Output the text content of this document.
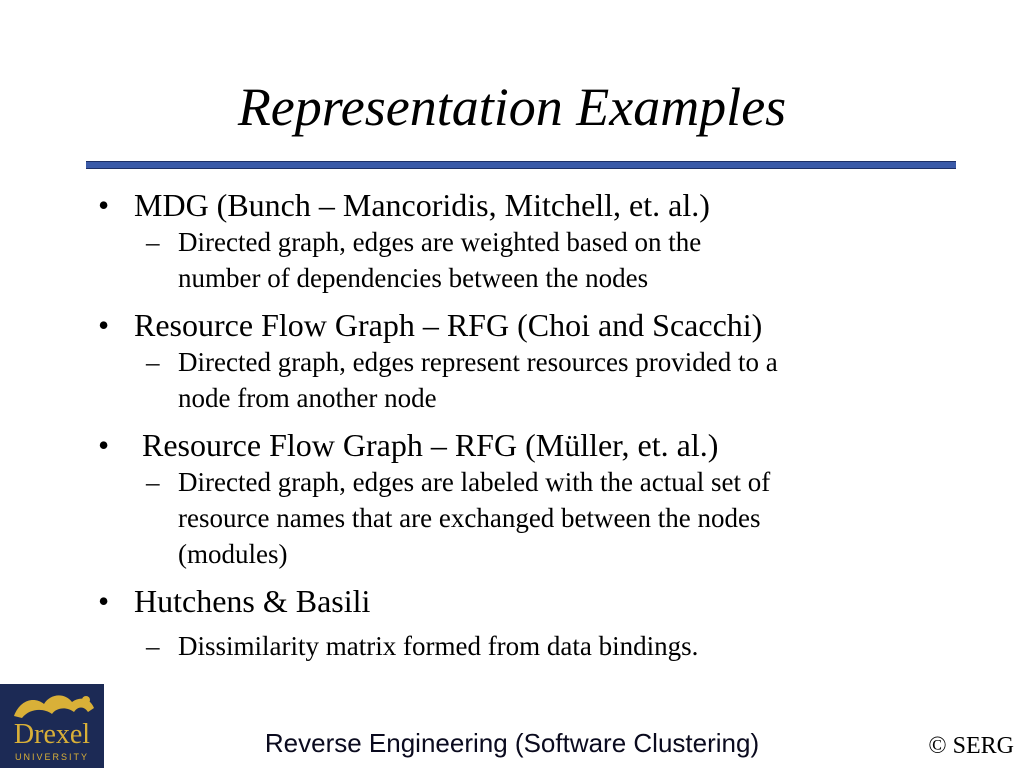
Representation Examples
• MDG (Bunch – Mancoridis, Mitchell, et. al.)
– Directed graph, edges are weighted based on the
number of dependencies between the nodes
• Resource Flow Graph – RFG (Choi and Scacchi)
– Directed graph, edges represent resources provided to a
node from another node
• Resource Flow Graph – RFG (Müller, et. al.)
– Directed graph, edges are labeled with the actual set of
resource names that are exchanged between the nodes
(modules)
• Hutchens & Basili
– Dissimilarity matrix formed from data bindings.
Drexel
UNIVERSITY	Reverse Engineering (Software Clustering)	© SERG
